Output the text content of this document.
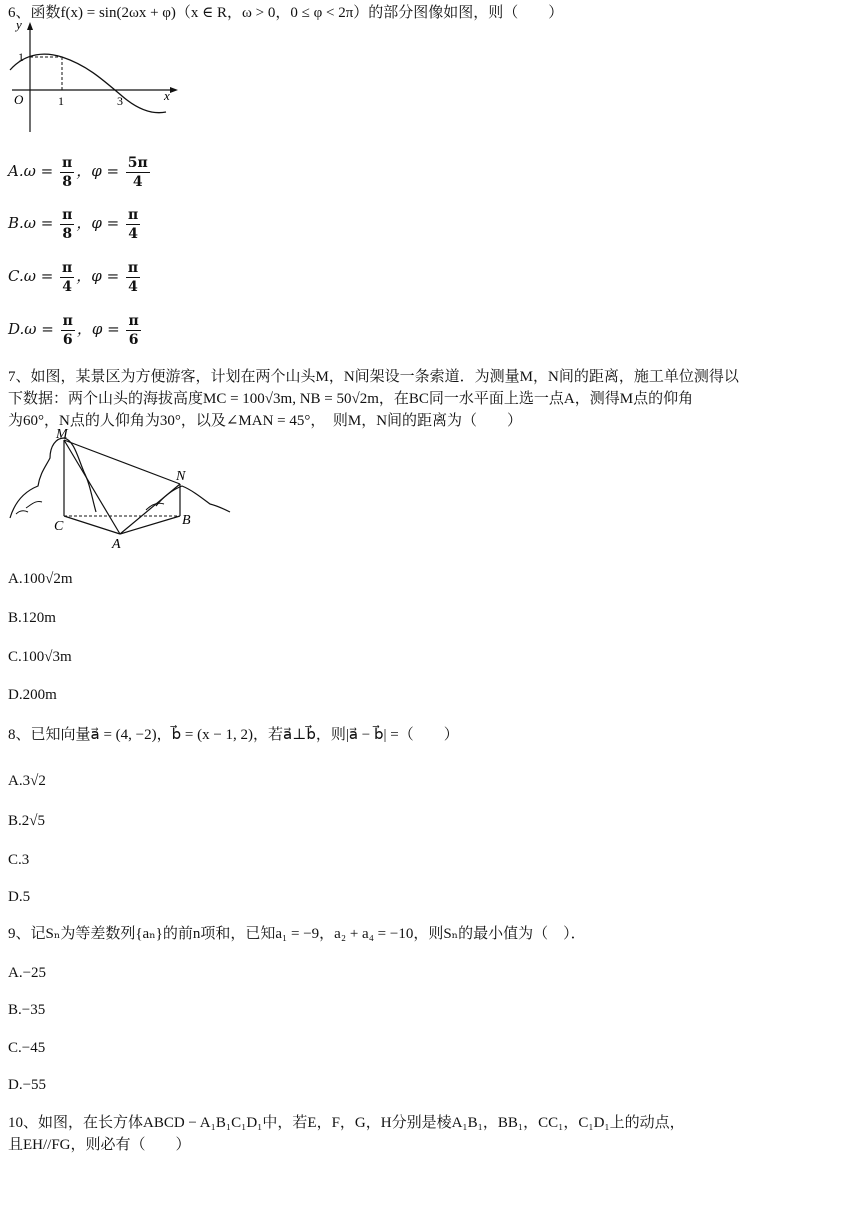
6、函数f(x) = sin(2ωx + φ)（x ∈ R，ω > 0，0 ≤ φ < 2π）的部分图像如图，则（　　）
y
1
O	1	3	x
$A.\omega = \frac{\pi}{8}$ ，$\varphi = \frac{5\pi}{4}$
$B.\omega = \frac{\pi}{8}$ ，$\varphi = \frac{\pi}{4}$
$C.\omega = \frac{\pi}{4}$ ，$\varphi = \frac{\pi}{4}$
$D.\omega = \frac{\pi}{6}$ ，$\varphi = \frac{\pi}{6}$
7、如图，某景区为方便游客，计划在两个山头M，N间架设一条索道．为测量M，N间的距离，施工单位测得以
下数据：两个山头的海拔高度MC = 100√3m, NB = 50√2m，在BC同一水平面上选一点A，测得M点的仰角
为60°，N点的人仰角为30°，以及∠MAN = 45°，　则M，N间的距离为（　　）
M
N
C	B
A
A.100√2m
B.120m
C.100√3m
D.200m
8、已知向量a⃗ = (4, −2)，b⃗ = (x − 1, 2)，若a⃗⊥b⃗，则|a⃗ − b⃗| =（　　）
A.3√2
B.2√5
C.3
D.5
9、记Sₙ为等差数列{aₙ}的前n项和，已知a₁ = −9，a₂ + a₄ = −10，则Sₙ的最小值为（　）．
A.−25
B.−35
C.−45
D.−55
10、如图，在长方体ABCD − A₁B₁C₁D₁中，若E，F，G，H分别是棱A₁B₁，BB₁，CC₁，C₁D₁上的动点，
且EH//FG，则必有（　　）
